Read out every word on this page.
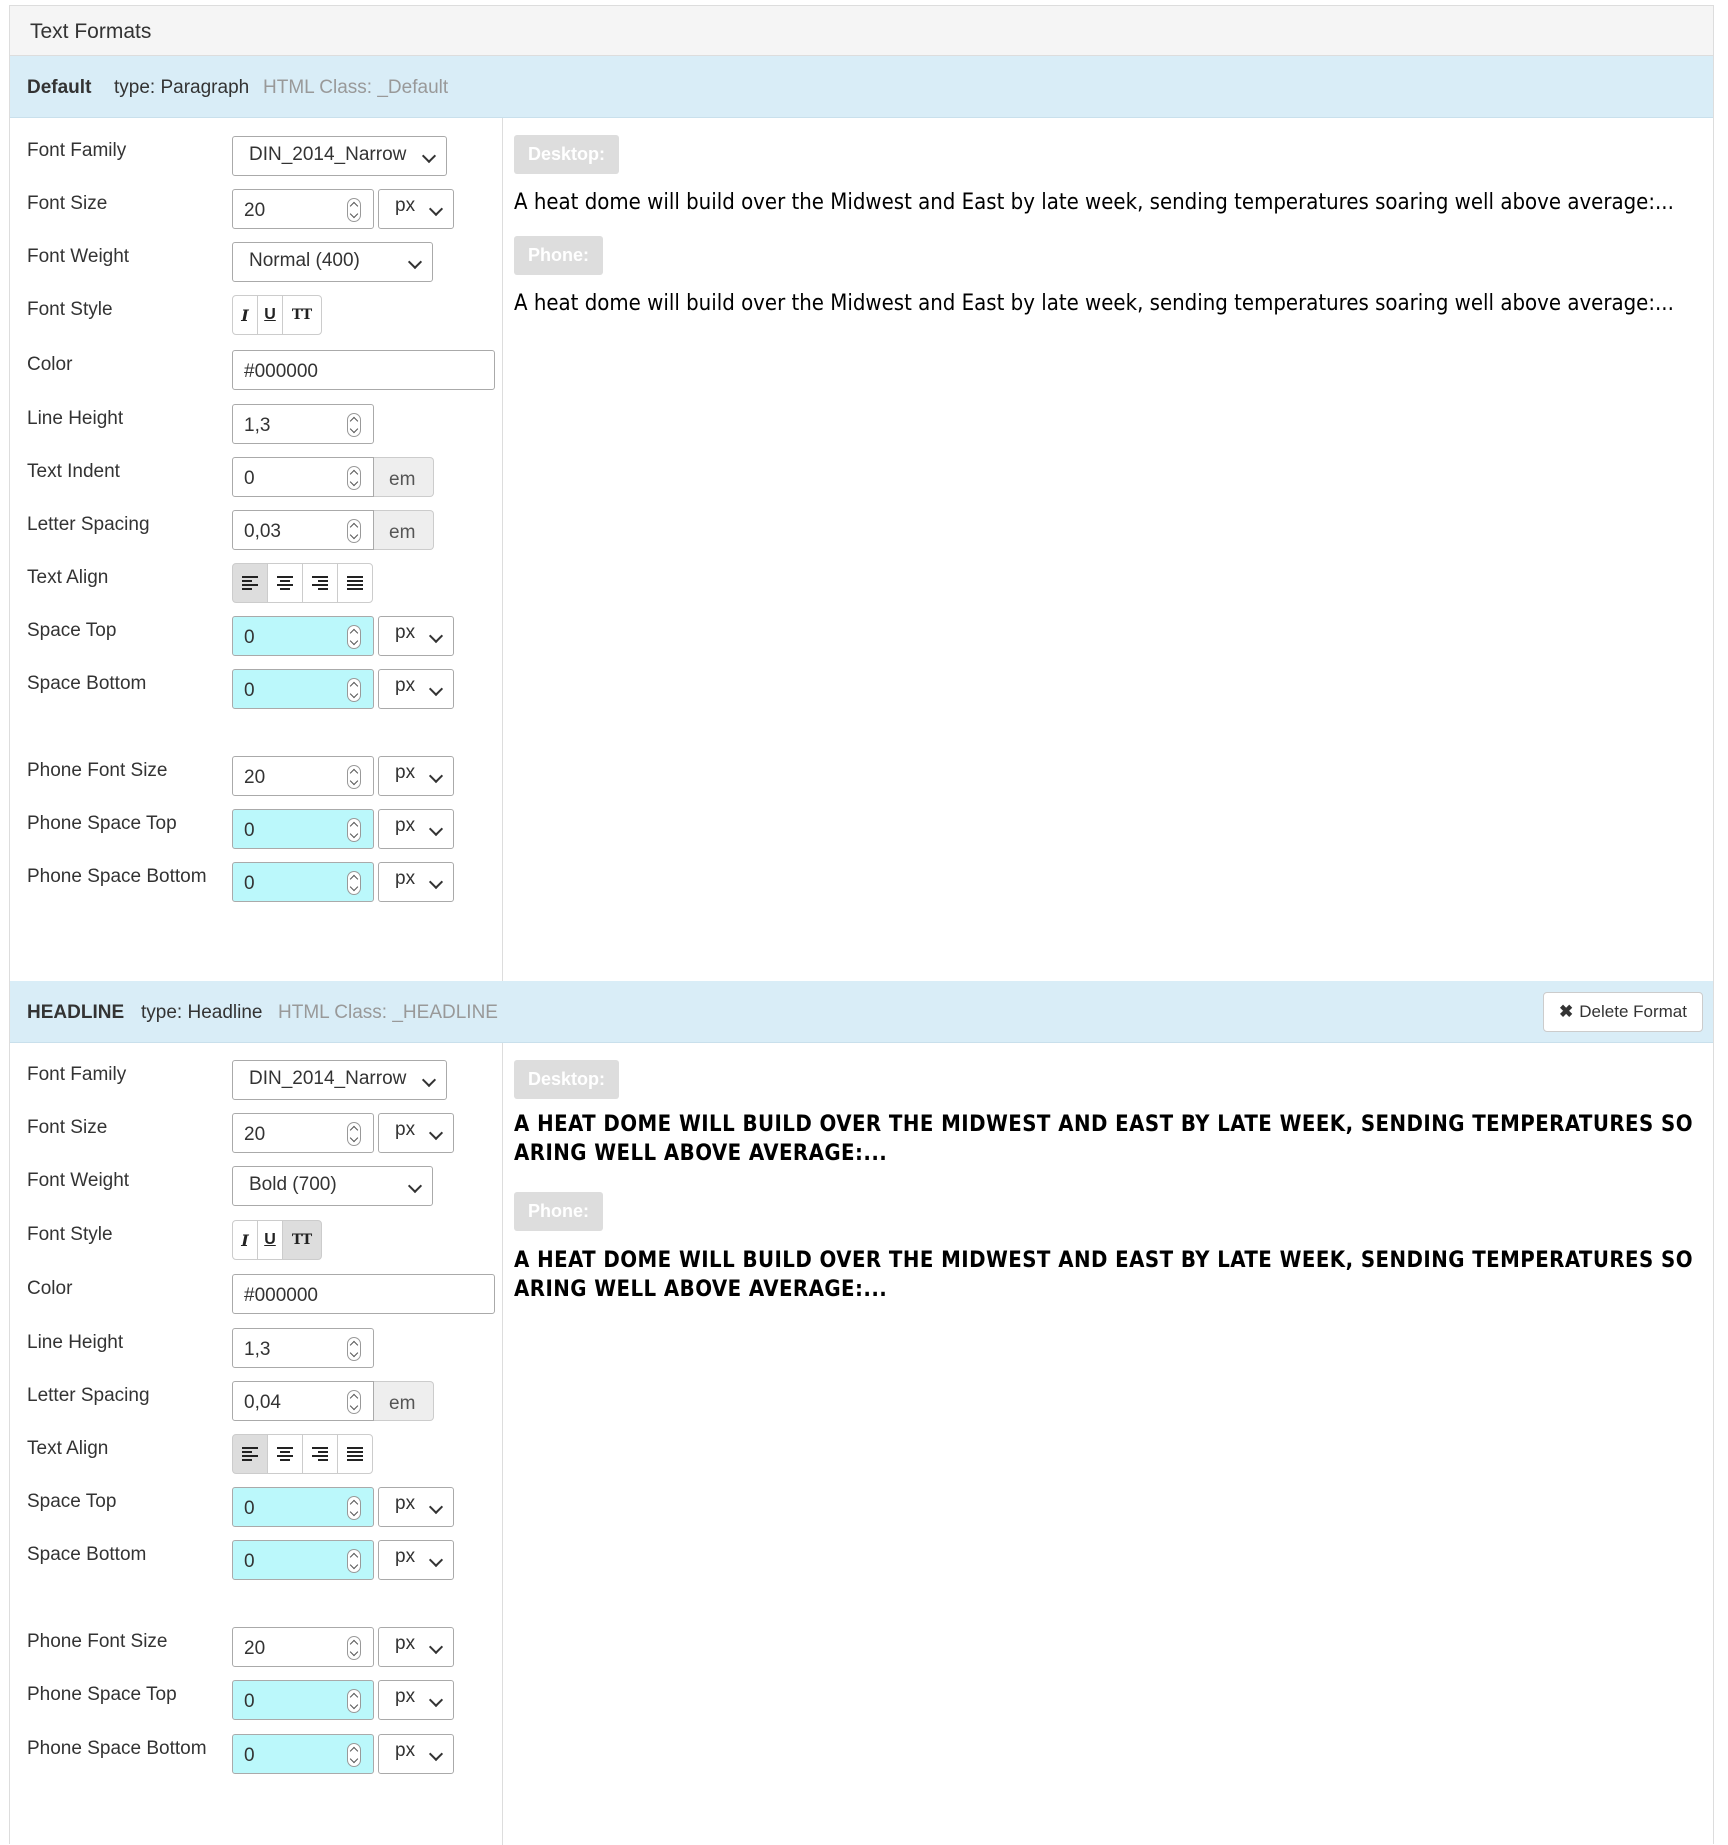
Text Formats
Default type: Paragraph HTML Class: _Default
Font Family	DIN_2014_Narrow
Font Size	20	px
Font Weight	Normal (400)
Font Style	I U	TT
Color	#000000
Line Height	1,3
Text Indent	0	em
Letter Spacing	0,03	em
Text Align
Space Top	0	px
Space Bottom	0	px
Phone Font Size	20	px
Phone Space Top	0	px
Phone Space Bottom 0	px
Desktop:
A heat dome will build over the Midwest and East by late week, sending temperatures soaring well above average:...
Phone:
A heat dome will build over the Midwest and East by late week, sending temperatures soaring well above average:...
HEADLINE type: Headline HTML Class: _HEADLINE	✖ Delete Format
Font Family	DIN_2014_Narrow
Font Size	20	px
Font Weight	Bold (700)
Font Style	I U	TT
Color	#000000
Line Height	1,3
Letter Spacing	0,04	em
Text Align
Space Top	0	px
Space Bottom	0	px
Phone Font Size	20	px
Phone Space Top	0	px
Phone Space Bottom 0	px
Desktop:
A HEAT DOME WILL BUILD OVER THE MIDWEST AND EAST BY LATE WEEK, SENDING TEMPERATURES SOARING WELL ABOVE AVERAGE:...
Phone:
A HEAT DOME WILL BUILD OVER THE MIDWEST AND EAST BY LATE WEEK, SENDING TEMPERATURES SOARING WELL ABOVE AVERAGE:...
